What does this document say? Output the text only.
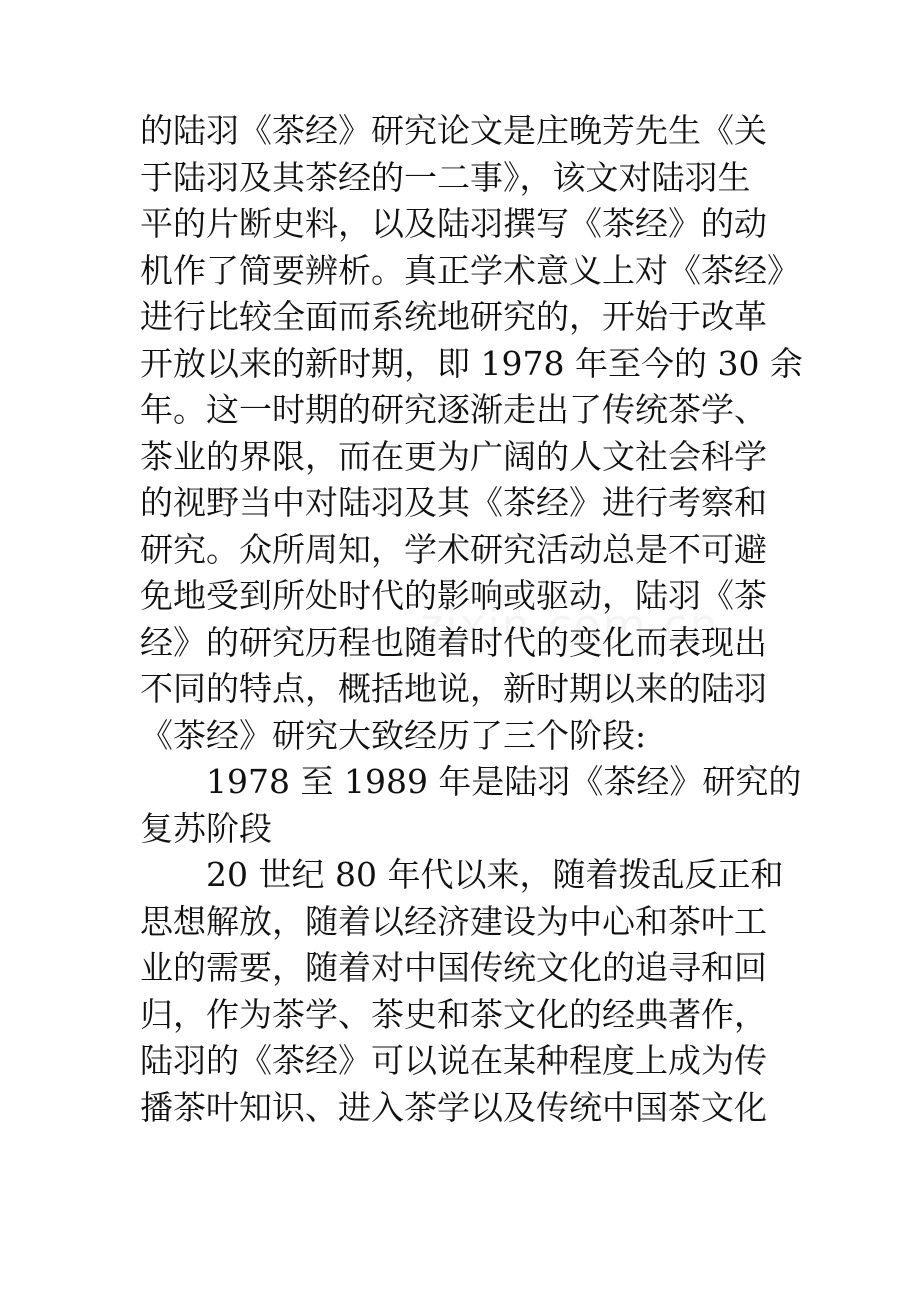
的陆羽《茶经》研究论文是庄晚芳先生《关
于陆羽及其茶经的一二事》，该文对陆羽生
平的片断史料，以及陆羽撰写《茶经》的动
机作了简要辨析。真正学术意义上对《茶经》
进行比较全面而系统地研究的，开始于改革
开放以来的新时期，即 1978 年至今的 30 余
年。这一时期的研究逐渐走出了传统茶学、
茶业的界限，而在更为广阔的人文社会科学
的视野当中对陆羽及其《茶经》进行考察和
研究。众所周知，学术研究活动总是不可避
免地受到所处时代的影响或驱动，陆羽《茶
经》的研究历程也随着时代的变化而表现出
不同的特点，概括地说，新时期以来的陆羽
《茶经》研究大致经历了三个阶段:
　　1978 至 1989 年是陆羽《茶经》研究的
复苏阶段
　　20 世纪 80 年代以来，随着拨乱反正和
思想解放，随着以经济建设为中心和茶叶工
业的需要，随着对中国传统文化的追寻和回
归，作为茶学、茶史和茶文化的经典著作，
陆羽的《茶经》可以说在某种程度上成为传
播茶叶知识、进入茶学以及传统中国茶文化
